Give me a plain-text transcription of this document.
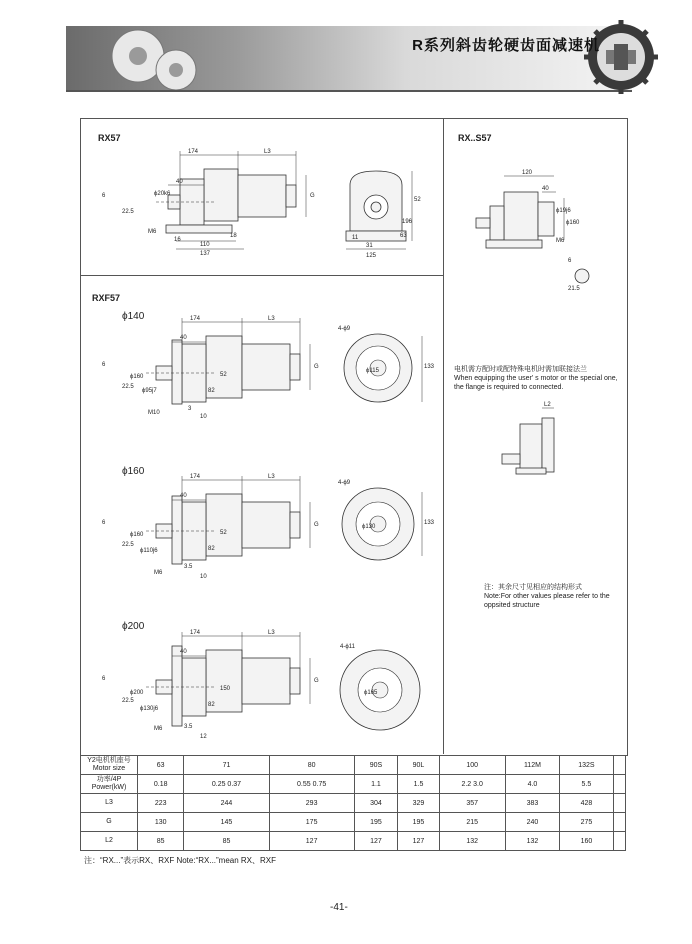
R系列斜齿轮硬齿面减速机
RX57	RX..S57
RXF57
ϕ140
ϕ160
ϕ200
174	L3
40
G
6	ϕ20k6
22.5
M6
16
110
137
18
52
196
63
11
31
125
174	L3
40
G
6
ϕ160
ϕ95j7
22.5
M10
3
10
82
52
4-ϕ9
133
ϕ115
174	L3
40
G
6
ϕ160
ϕ110j6
22.5
M6
3.5
10
82
52
4-ϕ9
133
ϕ130
174	L3
40
G
6
ϕ200
ϕ130j6
22.5
M6	3.5
12
82
150
4-ϕ11
ϕ165
120
40
ϕ19j6
ϕ160
M6
6
21.5
电机需方配时或配特殊电机时需加联接法兰
When equipping the user' s motor or the special one, the flange is required to connected.
L2
注：其余尺寸见相应的结构形式
Note:For other values please refer to the oppsited structure
Y2电机机座号
Motor size	63	71	80	90S	90L	100	112M	132S	

功率/4P
Power(kW)	0.18	0.25 0.37	0.55 0.75	1.1	1.5	2.2 3.0	4.0	5.5	
L3	223	244	293	304	329	357	383	428	
G	130	145	175	195	195	215	240	275	
L2	85	85	127	127	127	132	132	160	
注：“RX...”表示RX、RXF Note:“RX...”mean RX、RXF
-41-
